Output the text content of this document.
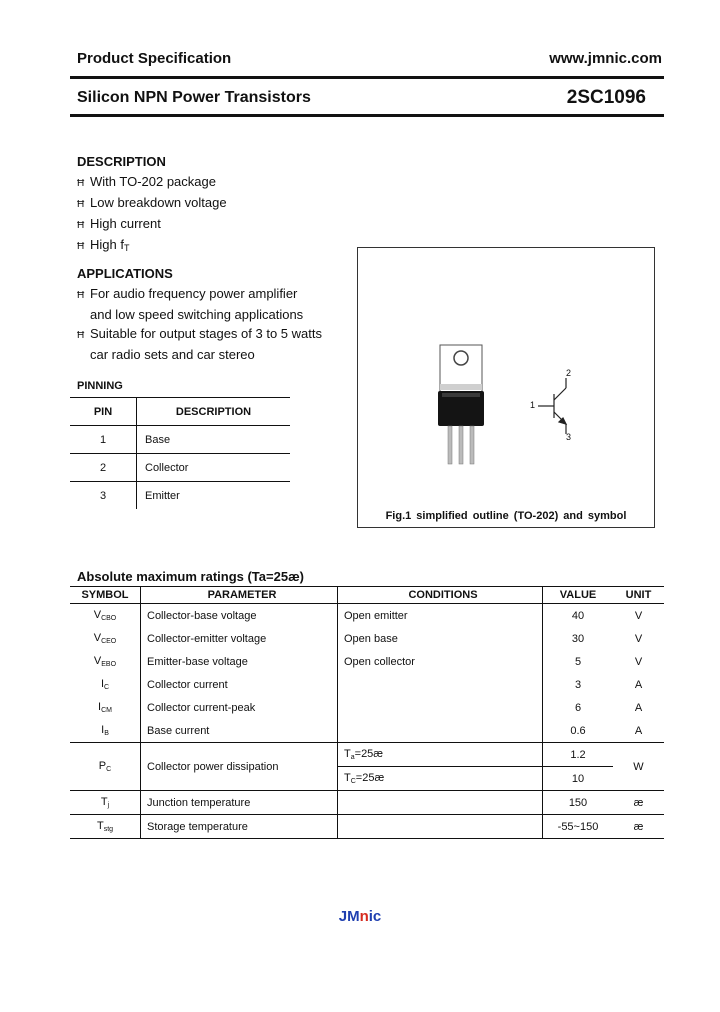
Product Specification	www.jmnic.com
Silicon NPN Power Transistors	2SC1096
DESCRIPTION
Ħ With TO-202 package
Ħ Low breakdown voltage
Ħ High current
Ħ High $f_T$
APPLICATIONS
Ħ For audio frequency power amplifier
and low speed switching applications
Ħ Suitable for output stages of 3 to 5 watts
car radio sets and car stereo
PINNING
PIN	DESCRIPTION
1	Base
2	Collector
3	Emitter
1
2
3
Fig.1 simplified outline (TO-202) and symbol
Absolute maximum ratings (Ta=25æ)
SYMBOL	PARAMETER	CONDITIONS	VALUE	UNIT
$V_{CBO}$	Collector-base voltage	Open emitter	40	V
$V_{CEO}$	Collector-emitter voltage	Open base	30	V
$V_{EBO}$	Emitter-base voltage	Open collector	5	V
$I_C$	Collector current		3	A
$I_{CM}$	Collector current-peak		6	A
$I_B$	Base current		0.6	A
$P_C$	Collector power dissipation	$T_a=25æ$	1.2	W
		$T_C=25æ$	10	
$T_j$	Junction temperature		150	æ
$T_{stg}$	Storage temperature		-55~150	æ
JMnic
